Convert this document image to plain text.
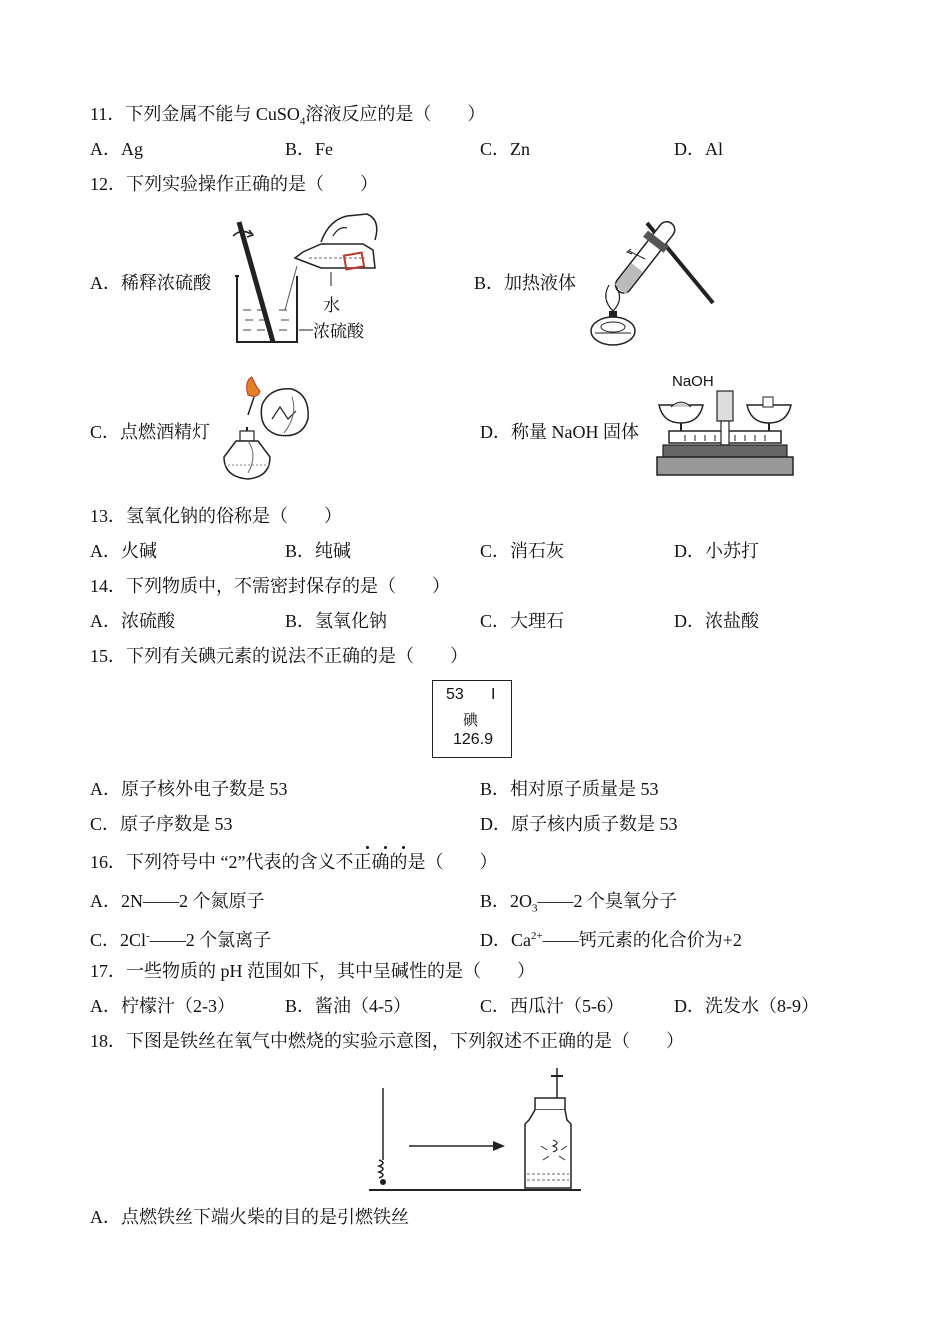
11．下列金属不能与 CuSO$_4$溶液反应的是（　　）
A．Ag	B．Fe	C．Zn	D．Al
12．下列实验操作正确的是（　　）
A．稀释浓硫酸	B．加热液体
C．点燃酒精灯	D．称量 NaOH 固体
水
浓硫酸
NaOH
13．氢氧化钠的俗称是（　　）
A．火碱	B．纯碱	C．消石灰	D．小苏打
14．下列物质中，不需密封保存的是（　　）
A．浓硫酸	B．氢氧化钠	C．大理石	D．浓盐酸
15．下列有关碘元素的说法不正确的是（　　）
53 I
碘
126.9
A．原子核外电子数是 53	B．相对原子质量是 53
C．原子序数是 53	D．原子核内质子数是 53
16．下列符号中 “2”代表的含义不正确的是（　　）
A．2N——2 个氮原子	B．$2O_3——2$ 个臭氧分子
C．2Cl-——2 个氯离子	D．$Ca^{2+}——$钙元素的化合价为+2
17．一些物质的 pH 范围如下，其中呈碱性的是（　　）
A．柠檬汁（2-3）	B．酱油（4-5）	C．西瓜汁（5-6）	D．洗发水（8-9）
18．下图是铁丝在氧气中燃烧的实验示意图，下列叙述不正确的是（　　）
A．点燃铁丝下端火柴的目的是引燃铁丝
